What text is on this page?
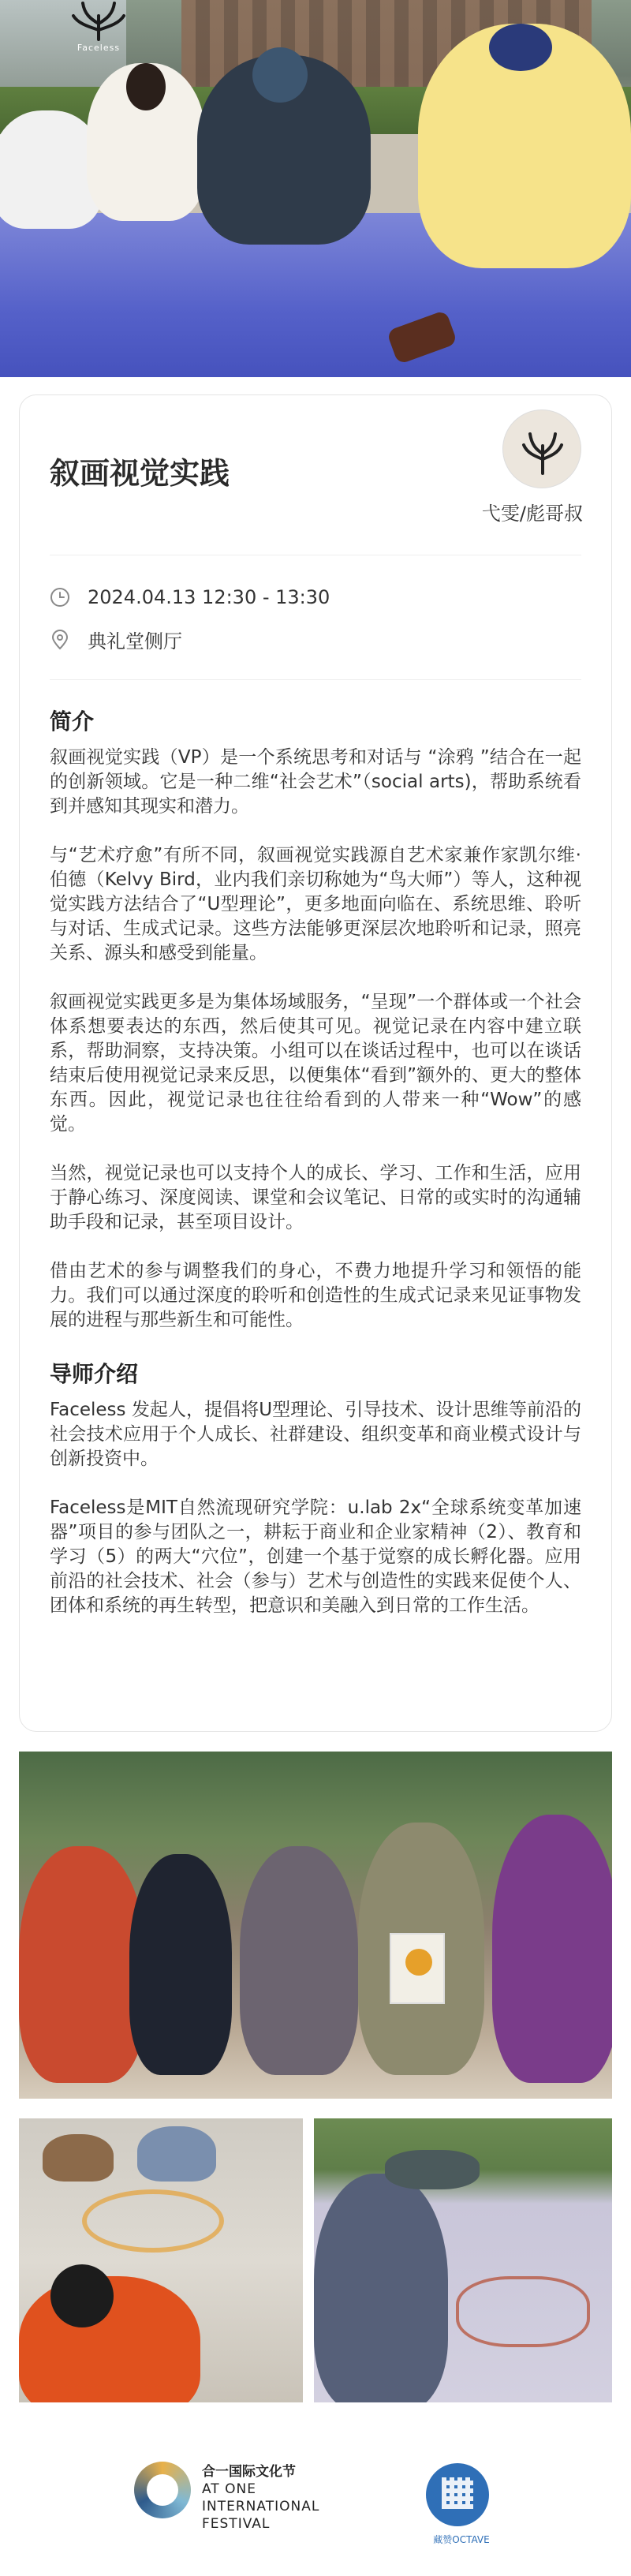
Faceless
叙画视觉实践
弋雯/彪哥叔
2024.04.13 12:30 - 13:30
典礼堂侧厅
简介

叙画视觉实践（VP）是一个系统思考和对话与 “涂鸦 ”结合在一起的创新领域。它是一种二维“社会艺术”（social arts)，帮助系统看到并感知其现实和潜力。

与“艺术疗愈”有所不同，叙画视觉实践源自艺术家兼作家凯尔维·伯德（Kelvy Bird，业内我们亲切称她为“鸟大师”）等人，这种视觉实践方法结合了“U型理论”，更多地面向临在、系统思维、聆听与对话、生成式记录。这些方法能够更深层次地聆听和记录，照亮关系、源头和感受到能量。

叙画视觉实践更多是为集体场域服务，“呈现”一个群体或一个社会体系想要表达的东西，然后使其可见。视觉记录在内容中建立联系，帮助洞察，支持决策。小组可以在谈话过程中，也可以在谈话结束后使用视觉记录来反思，以便集体“看到”额外的、更大的整体东西。因此，视觉记录也往往给看到的人带来一种“Wow”的感觉。

当然，视觉记录也可以支持个人的成长、学习、工作和生活，应用于静心练习、深度阅读、课堂和会议笔记、日常的或实时的沟通辅助手段和记录，甚至项目设计。

借由艺术的参与调整我们的身心，不费力地提升学习和领悟的能力。我们可以通过深度的聆听和创造性的生成式记录来见证事物发展的进程与那些新生和可能性。

导师介绍

Faceless 发起人，提倡将U型理论、引导技术、设计思维等前沿的社会技术应用于个人成长、社群建设、组织变革和商业模式设计与创新投资中。

Faceless是MIT自然流现研究学院：u.lab 2x“全球系统变革加速器”项目的参与团队之一，耕耘于商业和企业家精神（2）、教育和学习（5）的两大“穴位”，创建一个基于觉察的成长孵化器。应用前沿的社会技术、社会（参与）艺术与创造性的实践来促使个人、团体和系统的再生转型，把意识和美融入到日常的工作生活。

合一国际文化节
AT ONE
INTERNATIONAL
FESTIVAL
藏赞OCTAVE
